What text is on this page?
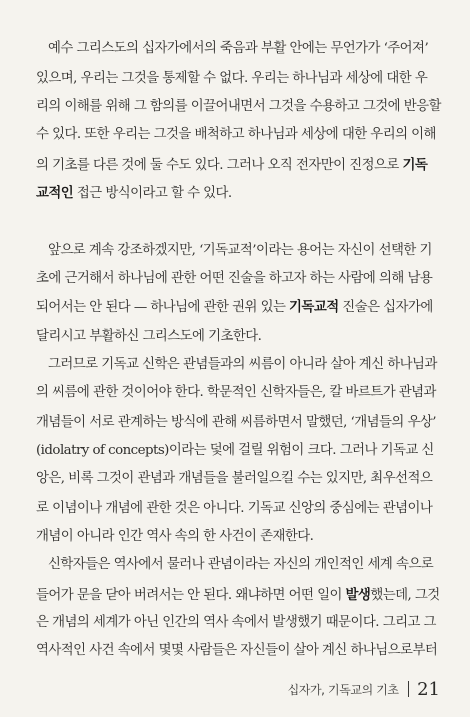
예수 그리스도의 십자가에서의 죽음과 부활 안에는 무언가가 ‘주어져’
있으며, 우리는 그것을 통제할 수 없다. 우리는 하나님과 세상에 대한 우
리의 이해를 위해 그 함의를 이끌어내면서 그것을 수용하고 그것에 반응할
수 있다. 또한 우리는 그것을 배척하고 하나님과 세상에 대한 우리의 이해
의 기초를 다른 것에 둘 수도 있다. 그러나 오직 전자만이 진정으로 기독
교적인 접근 방식이라고 할 수 있다.
앞으로 계속 강조하겠지만, ‘기독교적’이라는 용어는 자신이 선택한 기
초에 근거해서 하나님에 관한 어떤 진술을 하고자 하는 사람에 의해 남용
되어서는 안 된다 — 하나님에 관한 권위 있는 기독교적 진술은 십자가에
달리시고 부활하신 그리스도에 기초한다.
그러므로 기독교 신학은 관념들과의 씨름이 아니라 살아 계신 하나님과
의 씨름에 관한 것이어야 한다. 학문적인 신학자들은, 칼 바르트가 관념과
개념들이 서로 관계하는 방식에 관해 씨름하면서 말했던, ‘개념들의 우상’
(idolatry of concepts)이라는 덫에 걸릴 위험이 크다. 그러나 기독교 신
앙은, 비록 그것이 관념과 개념들을 불러일으킬 수는 있지만, 최우선적으
로 이념이나 개념에 관한 것은 아니다. 기독교 신앙의 중심에는 관념이나
개념이 아니라 인간 역사 속의 한 사건이 존재한다.
신학자들은 역사에서 물러나 관념이라는 자신의 개인적인 세계 속으로
들어가 문을 닫아 버려서는 안 된다. 왜냐하면 어떤 일이 발생했는데, 그것
은 개념의 세계가 아닌 인간의 역사 속에서 발생했기 때문이다. 그리고 그
역사적인 사건 속에서 몇몇 사람들은 자신들이 살아 계신 하나님으로부터
십자가, 기독교의 기초 21
